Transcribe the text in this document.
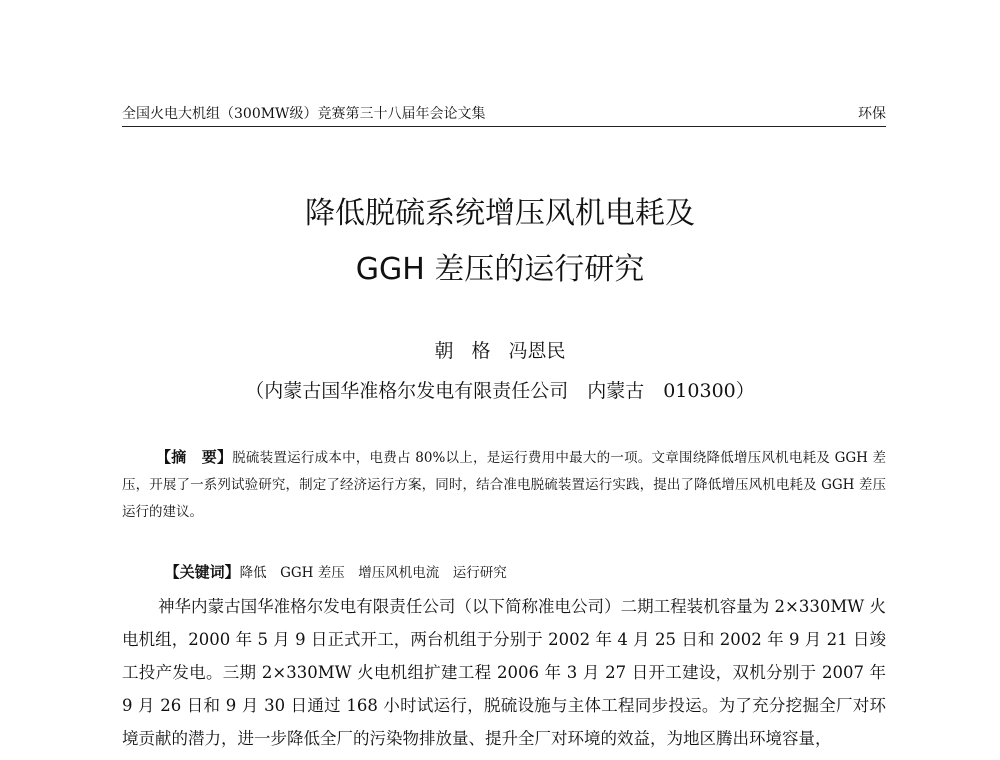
全国火电大机组（300MW级）竞赛第三十八届年会论文集	环保
降低脱硫系统增压风机电耗及
GGH 差压的运行研究
朝 格 冯恩民
（内蒙古国华准格尔发电有限责任公司　内蒙古　010300）
【摘　要】脱硫装置运行成本中，电费占 80%以上，是运行费用中最大的一项。文章围绕降低增压风机电耗及 GGH 差压，开展了一系列试验研究，制定了经济运行方案，同时，结合准电脱硫装置运行实践，提出了降低增压风机电耗及 GGH 差压运行的建议。

【关键词】降低　GGH 差压　增压风机电流　运行研究

神华内蒙古国华准格尔发电有限责任公司（以下简称准电公司）二期工程装机容量为 2×330MW 火电机组，2000 年 5 月 9 日正式开工，两台机组于分别于 2002 年 4 月 25 日和 2002 年 9 月 21 日竣工投产发电。三期 2×330MW 火电机组扩建工程 2006 年 3 月 27 日开工建设，双机分别于 2007 年 9 月 26 日和 9 月 30 日通过 168 小时试运行，脱硫设施与主体工程同步投运。为了充分挖掘全厂对环境贡献的潜力，进一步降低全厂的污染物排放量、提升全厂对环境的效益，为地区腾出环境容量，
